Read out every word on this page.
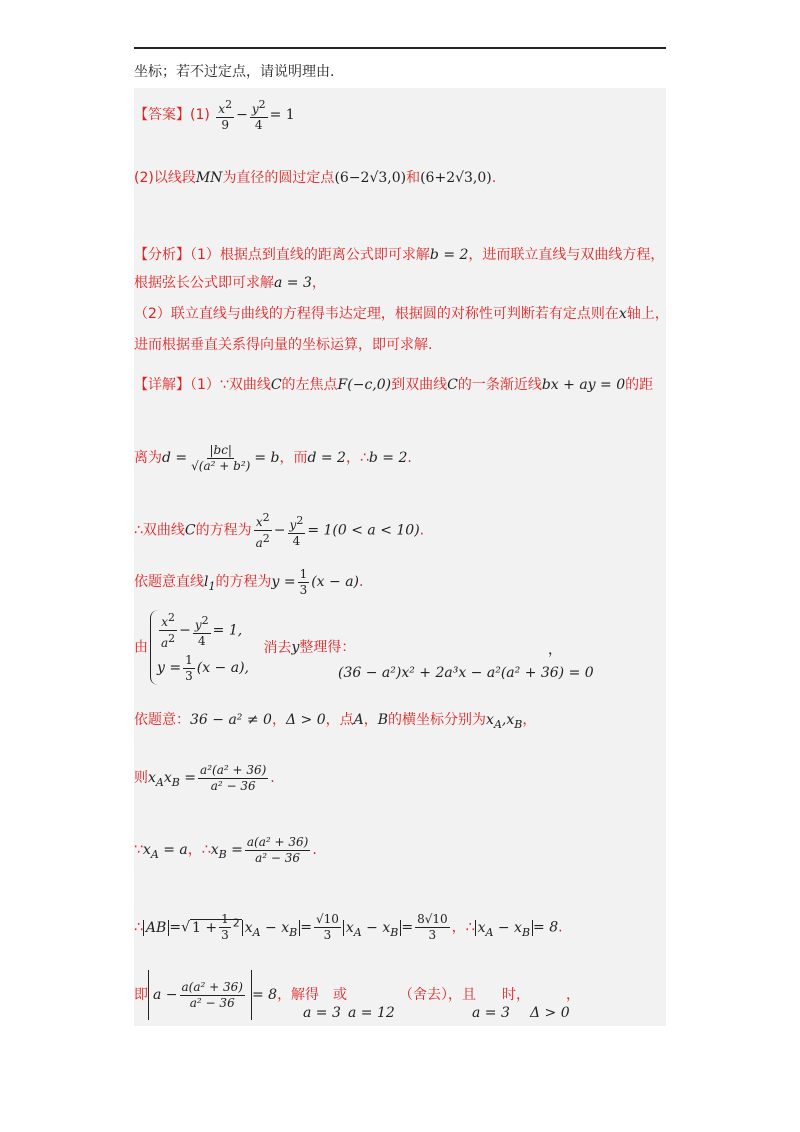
坐标；若不过定点，请说明理由.
【答案】$(1) \frac{x^2}{9} - \frac{y^2}{4} = 1$
(2)以线段MN为直径的圆过定点(6−2√3,0)和(6+2√3,0).
【分析】（1）根据点到直线的距离公式即可求解b = 2，进而联立直线与双曲线方程，
根据弦长公式即可求解a = 3，
（2）联立直线与曲线的方程得韦达定理，根据圆的对称性可判断若有定点则在x轴上，
进而根据垂直关系得向量的坐标运算，即可求解.
【详解】（1）∵双曲线C的左焦点F(−c,0)到双曲线C的一条渐近线bx + ay = 0的距
离为$d = \frac{|bc|}{\text{√(a² + b²)}} = b$，而d = 2，∴b = 2.
∴双曲线C的方程为 $\frac{x^2}{a^2} - \frac{y^2}{4} = 1(0 < a < 10)$.
依题意直线$l_1$的方程为$y = \frac{1}{3} (x - a)$.
由 $\frac{x^2}{a^2} - \frac{y^2}{4} = 1$,
$y = \frac{1}{3} (x - a)$,
消去y整理得：
(36 − a²)x² + 2a³x − a²(a² + 36) = 0
，
依题意：36 − a² ≠ 0，Δ > 0，点A，B的横坐标分别为$x_A,x_B$，
则$x_Ax_B = \frac{\text{a²(a² + 36)}}{\text{a² − 36}}$ .
$\because x_A = a$，$\therefore x_B = \frac{\text{a(a² + 36)}}{\text{a² − 36}}$ .
∴ AB =√ $1 + \frac{1}{3} ^2$ $x_A - x_B = \frac{√10}{3} x_A - x_B = \frac{8√10}{3}$ ，∴ $x_A - x_B = 8$.
即 $a - \frac{\text{a(a² + 36)}}{\text{a² − 36}} = 8$，解得
a = 3
或
a = 12
（舍去），且
a = 3
时，
Δ > 0
，
